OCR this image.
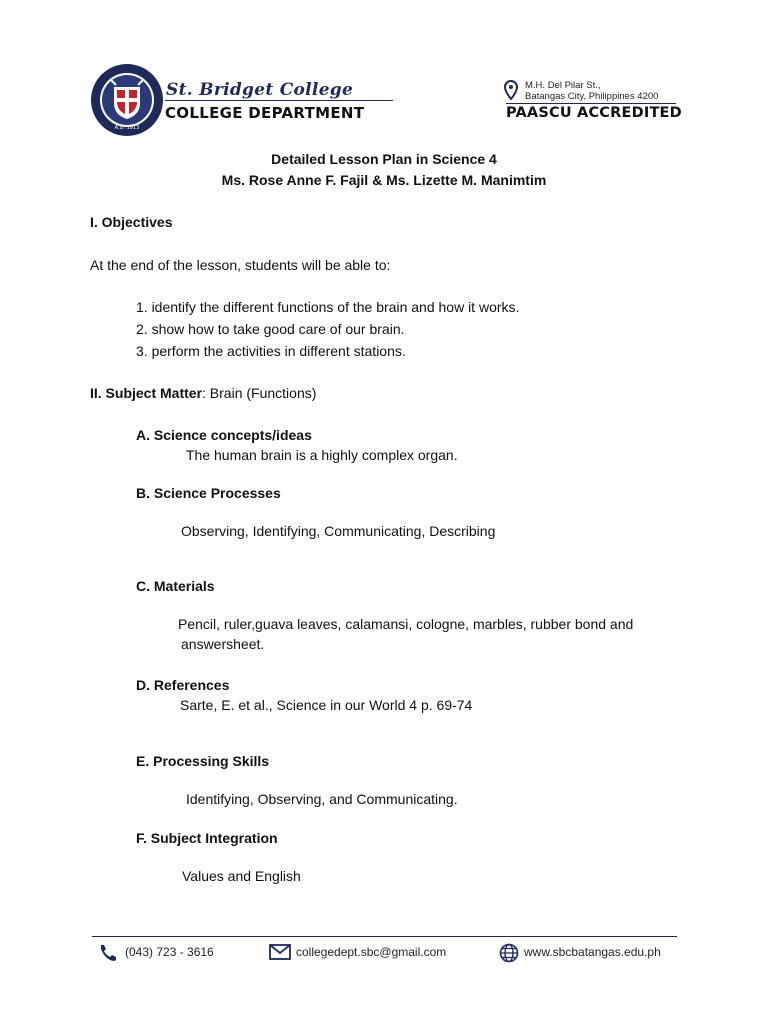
A.D. 1913
St. Bridget College
COLLEGE DEPARTMENT
M.H. Del Pilar St.,
Batangas City, Philippines 4200
PAASCU ACCREDITED
Detailed Lesson Plan in Science 4
Ms. Rose Anne F. Fajil & Ms. Lizette M. Manimtim
I. Objectives
At the end of the lesson, students will be able to:
1. identify the different functions of the brain and how it works.
2. show how to take good care of our brain.
3. perform the activities in different stations.
II. Subject Matter: Brain (Functions)
A. Science concepts/ideas
The human brain is a highly complex organ.
B. Science Processes
Observing, Identifying, Communicating, Describing
C. Materials
Pencil, ruler,guava leaves, calamansi, cologne, marbles, rubber bond and
answersheet.
D. References
Sarte, E. et al., Science in our World 4 p. 69-74
E. Processing Skills
Identifying, Observing, and Communicating.
F. Subject Integration
Values and English
(043) 723 - 3616	collegedept.sbc@gmail.com	www.sbcbatangas.edu.ph
